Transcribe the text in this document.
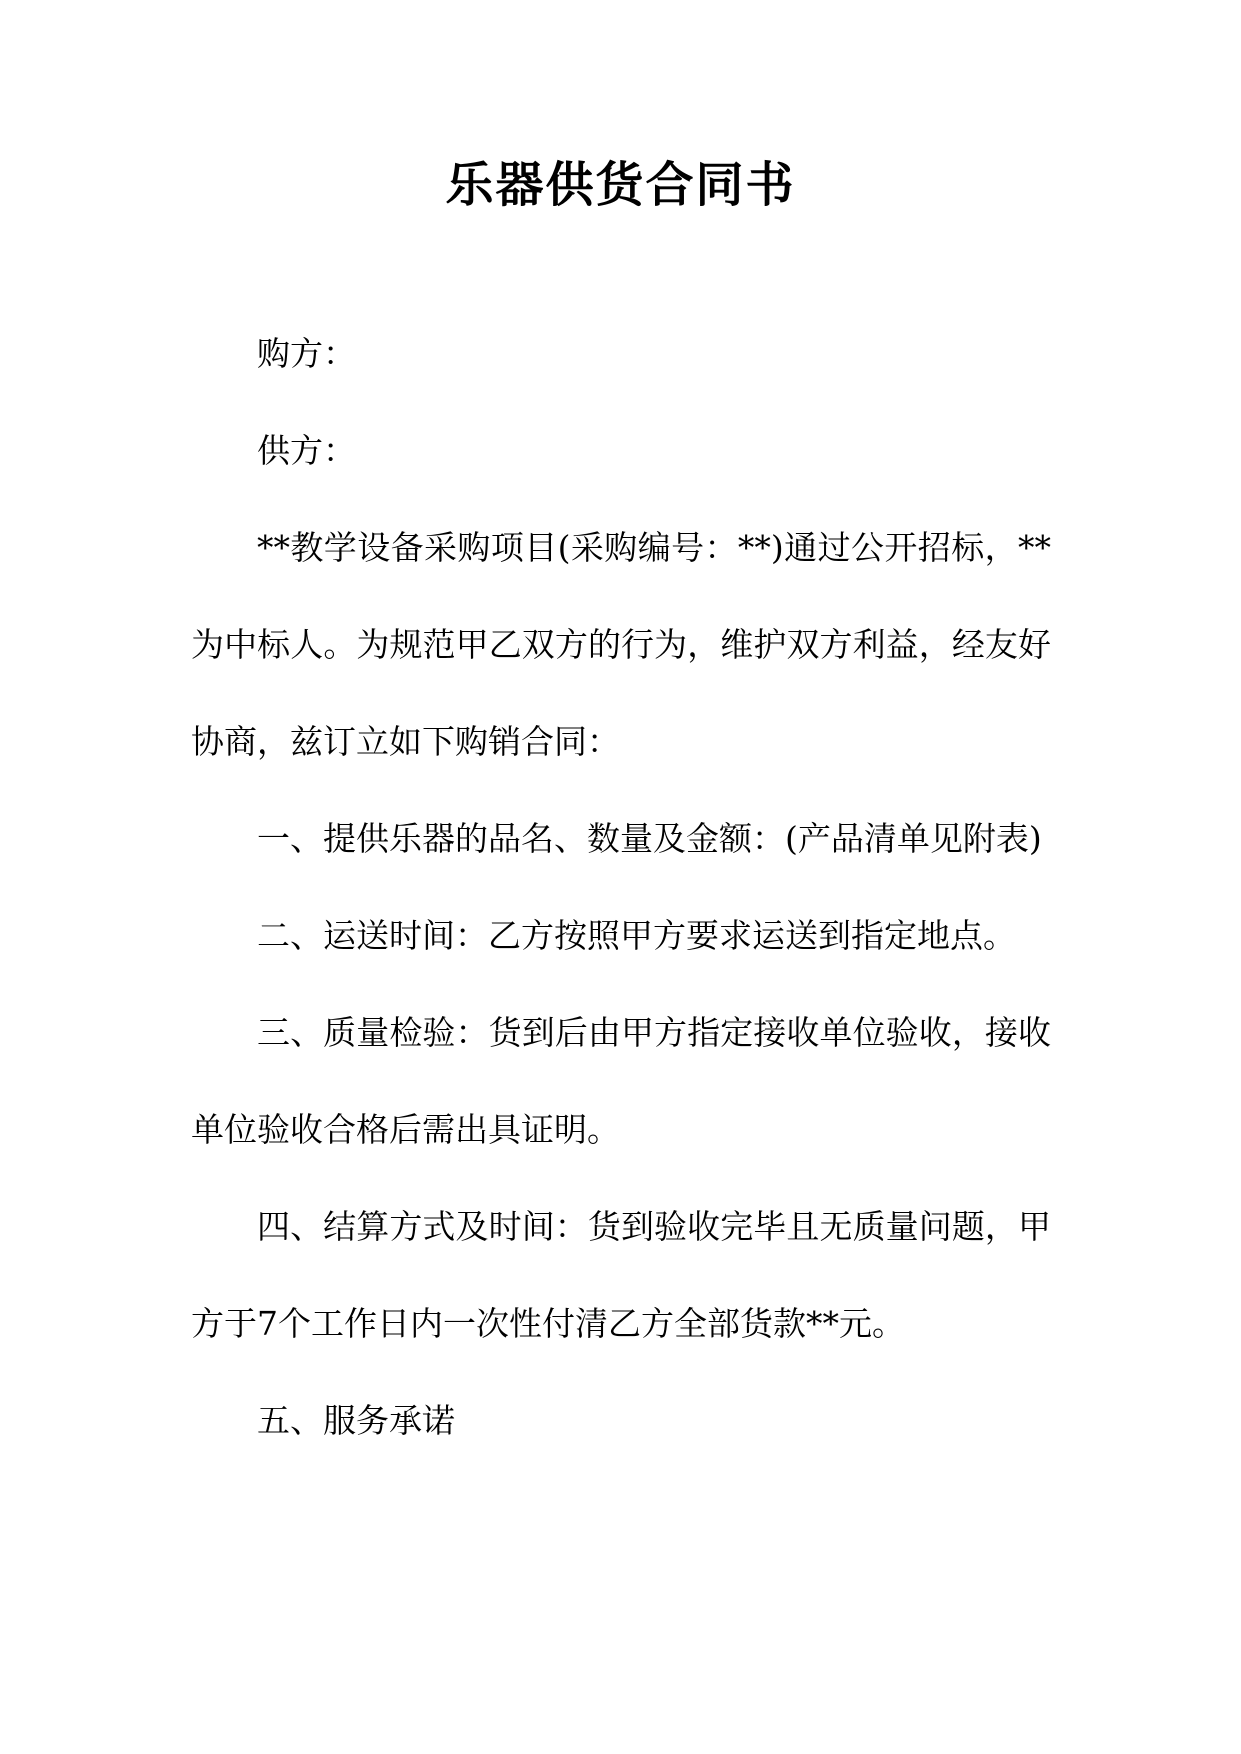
乐器供货合同书

购方：

供方：

**教学设备采购项目(采购编号：**)通过公开招标，**为中标人。为规范甲乙双方的行为，维护双方利益，经友好协商，兹订立如下购销合同：

一、提供乐器的品名、数量及金额：(产品清单见附表)

二、运送时间：乙方按照甲方要求运送到指定地点。

三、质量检验：货到后由甲方指定接收单位验收，接收单位验收合格后需出具证明。

四、结算方式及时间：货到验收完毕且无质量问题，甲方于7个工作日内一次性付清乙方全部货款**元。

五、服务承诺
